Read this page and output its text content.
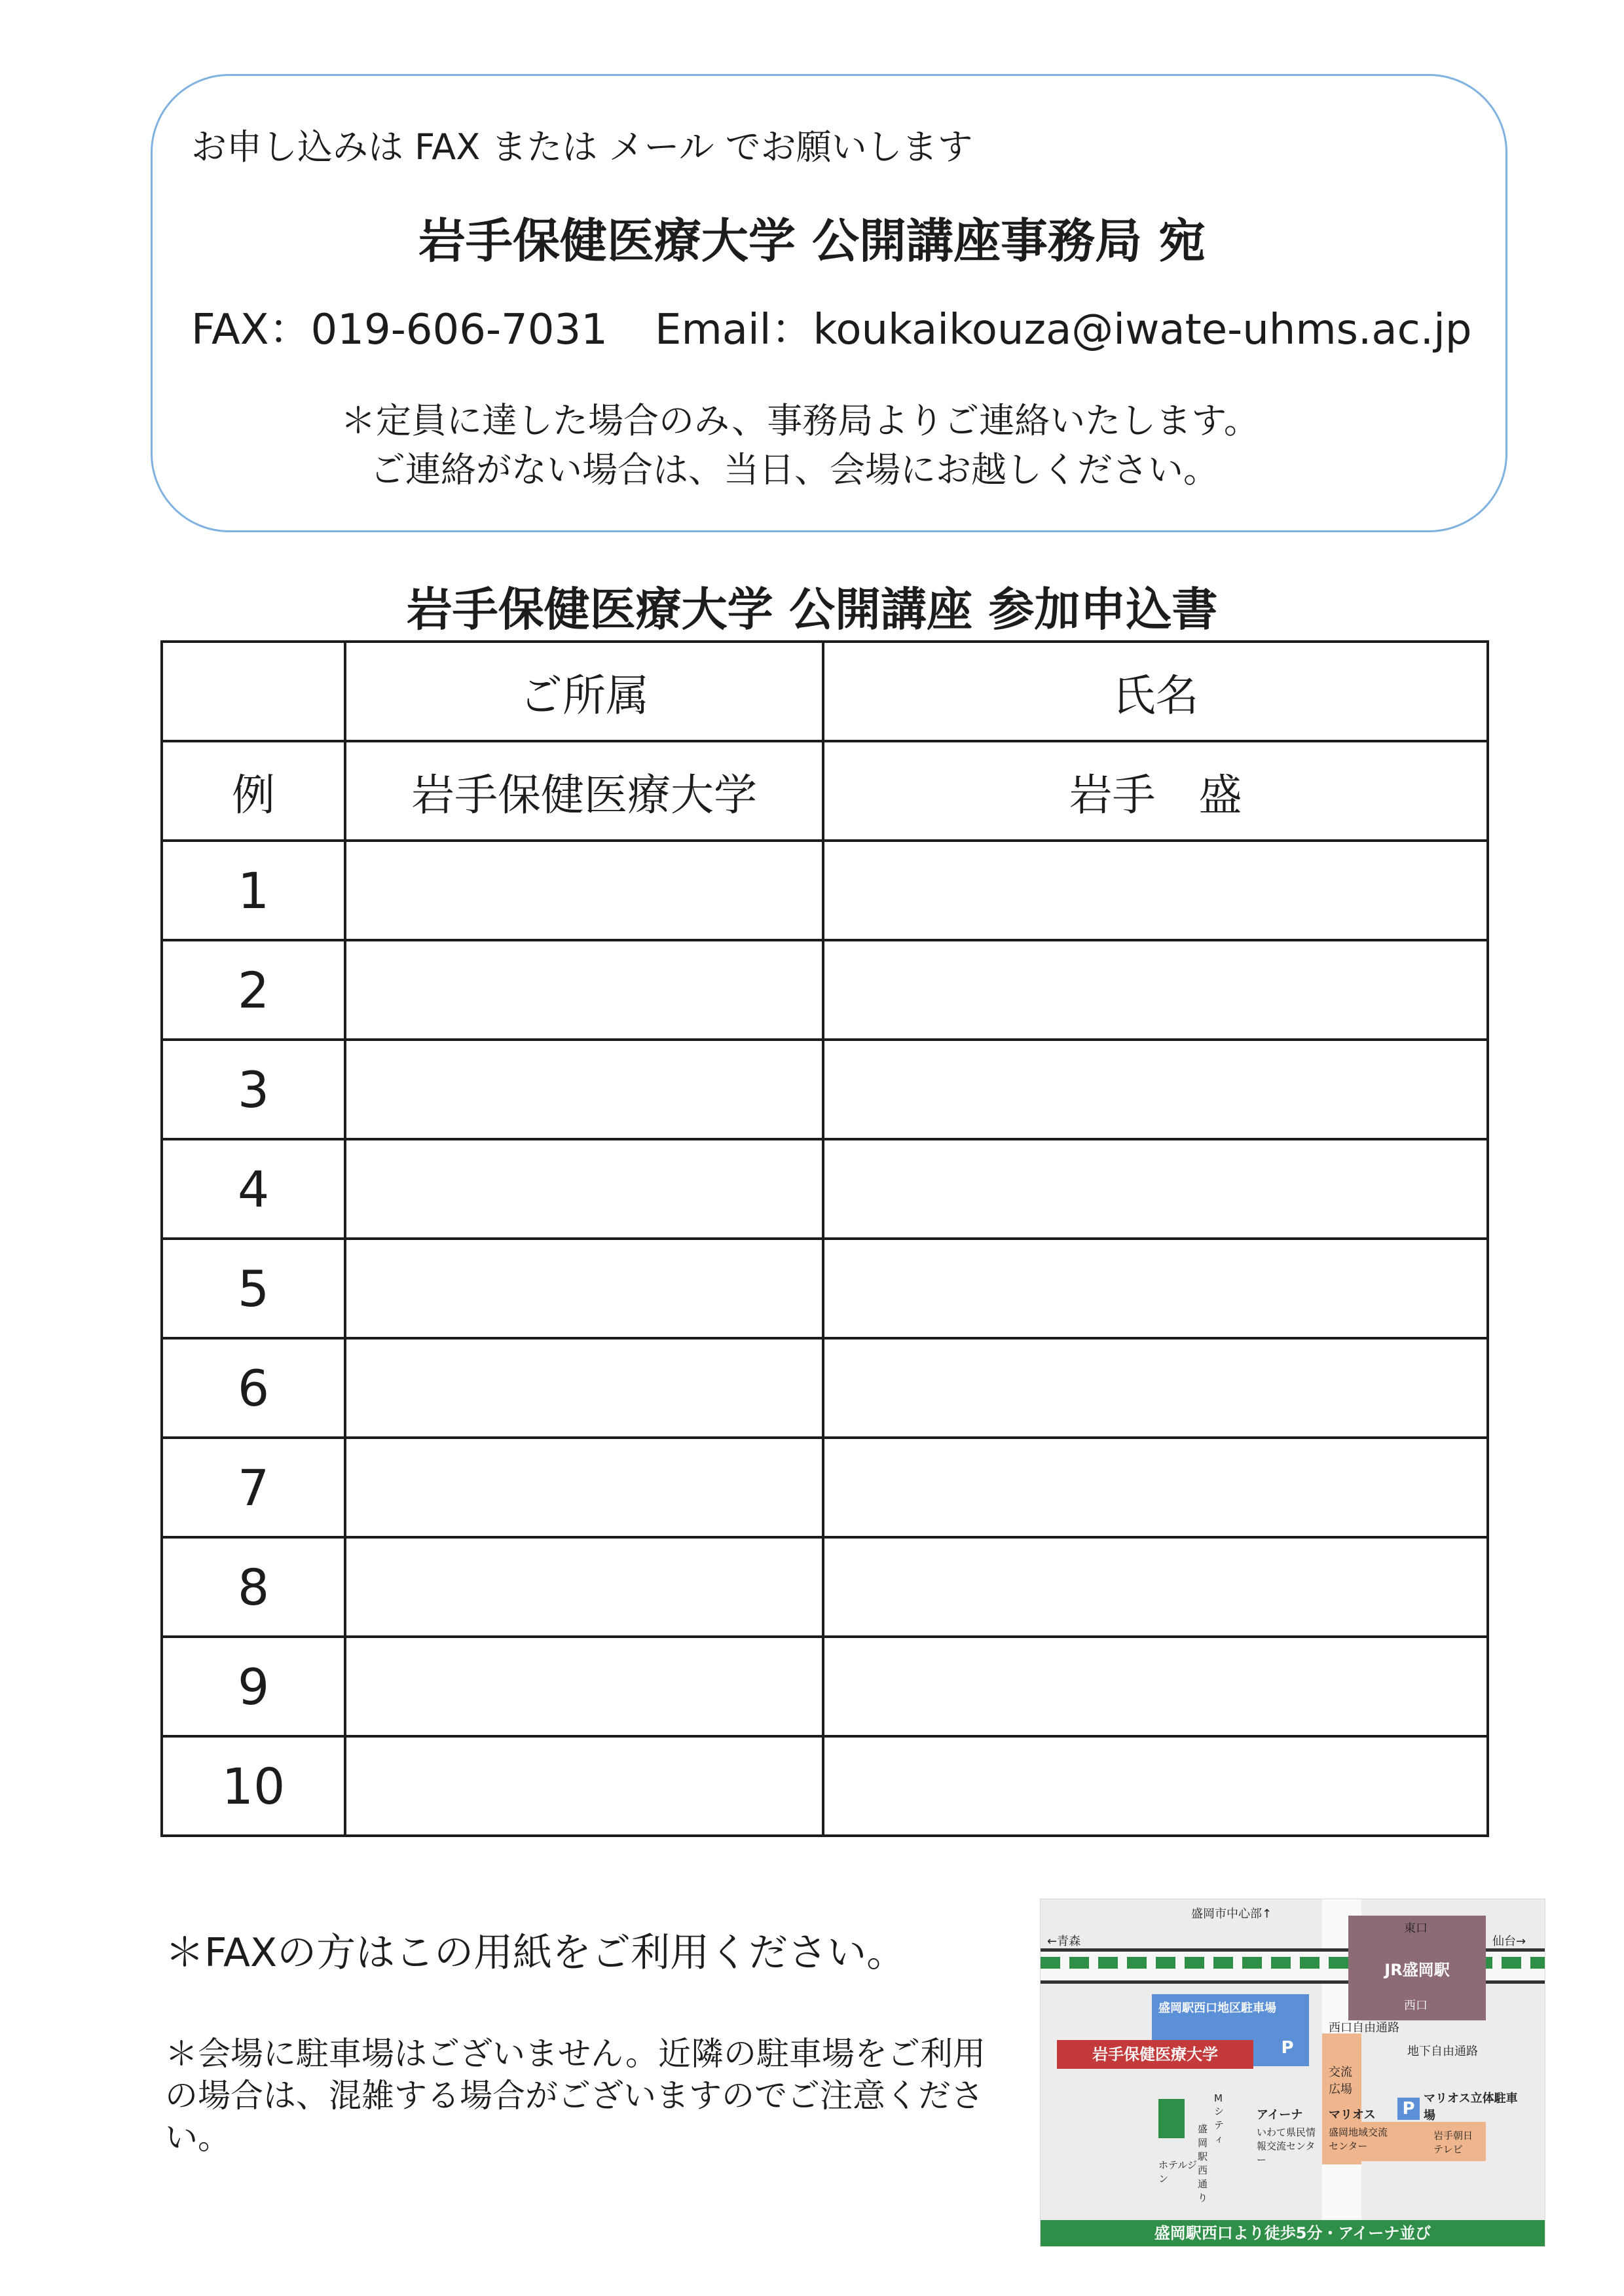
お申し込みは FAX または メール でお願いします
岩手保健医療大学 公開講座事務局 宛
FAX：019-606-7031 Email：koukaikouza@iwate-uhms.ac.jp
＊定員に達した場合のみ、事務局よりご連絡いたします。
ご連絡がない場合は、当日、会場にお越しください。
岩手保健医療大学 公開講座 参加申込書
	ご所属	氏名
例	岩手保健医療大学	岩手　盛
1		
2		
3		
4		
5		
6		
7		
8		
9		
10		
＊FAXの方はこの用紙をご利用ください。
＊会場に駐車場はございません。近隣の駐車場をご利用の場合は、混雑する場合がございますのでご注意ください。
JR盛岡駅
岩手保健医療大学
盛岡市中心部↑
←青森	仙台→
東口
西口
盛岡駅西口地区駐車場
P
西口自由通路
地下自由通路
交流広場
アイーナ
いわて県民情報交流センター
マリオス
盛岡地域交流センター
P
マリオス立体駐車場
岩手朝日テレビ
Mシティ
盛岡駅西通り
ホテルジン
盛岡駅西口より徒歩5分・アイーナ並び
